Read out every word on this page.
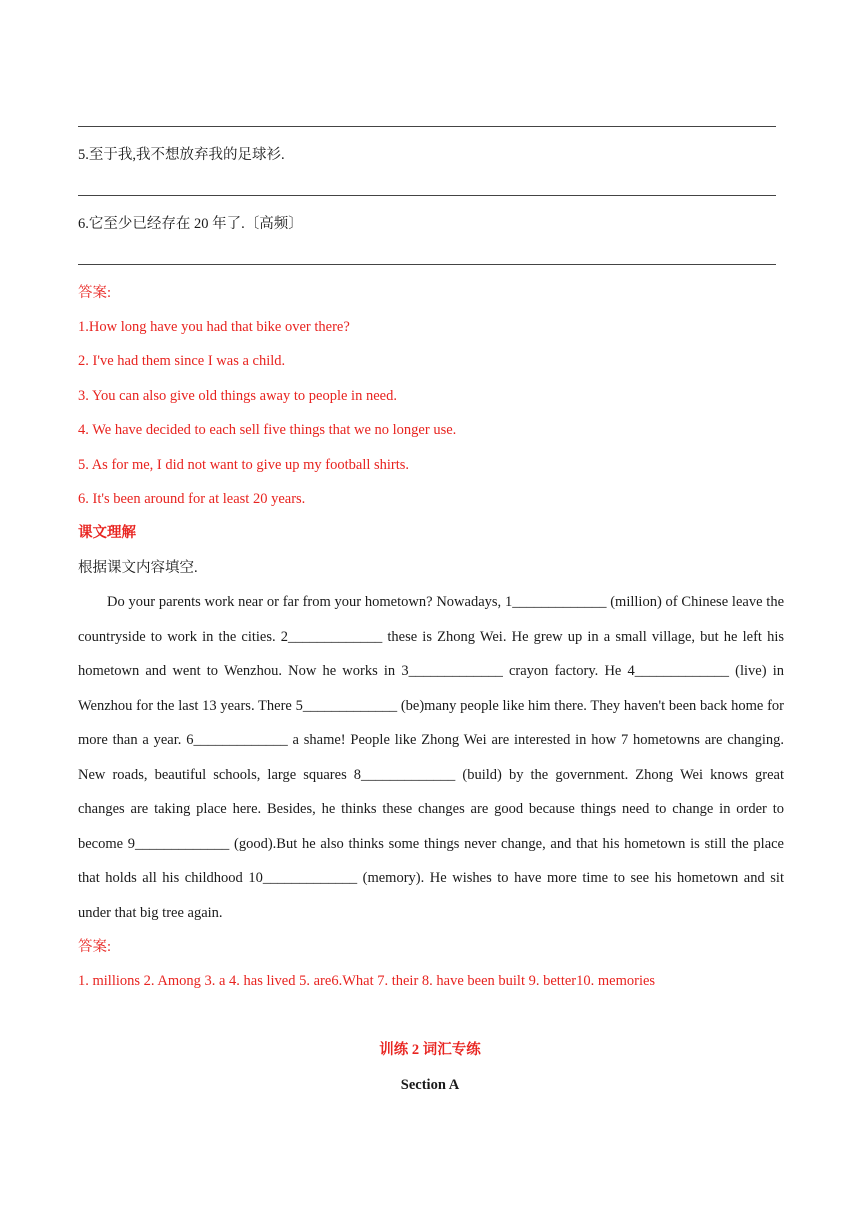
5.至于我,我不想放弃我的足球衫.
6.它至少已经存在 20 年了.〔高频〕
答案:
1.How long have you had that bike over there?
2. I've had them since I was a child.
3. You can also give old things away to people in need.
4. We have decided to each sell five things that we no longer use.
5. As for me, I did not want to give up my football shirts.
6. It's been around for at least 20 years.
课文理解
根据课文内容填空.
Do your parents work near or far from your hometown? Nowadays, 1_____________ (million) of Chinese leave the countryside to work in the cities. 2_____________ these is Zhong Wei. He grew up in a small village, but he left his hometown and went to Wenzhou. Now he works in 3_____________ crayon factory. He 4_____________ (live) in Wenzhou for the last 13 years. There 5_____________ (be)many people like him there. They haven't been back home for more than a year. 6_____________ a shame! People like Zhong Wei are interested in how 7 hometowns are changing. New roads, beautiful schools, large squares 8_____________ (build) by the government. Zhong Wei knows great changes are taking place here. Besides, he thinks these changes are good because things need to change in order to become 9_____________ (good).But he also thinks some things never change, and that his hometown is still the place that holds all his childhood 10_____________ (memory). He wishes to have more time to see his hometown and sit under that big tree again.
答案:
1. millions 2. Among 3. a 4. has lived 5. are6.What 7. their 8. have been built 9. better10. memories
训练 2 词汇专练
Section A
